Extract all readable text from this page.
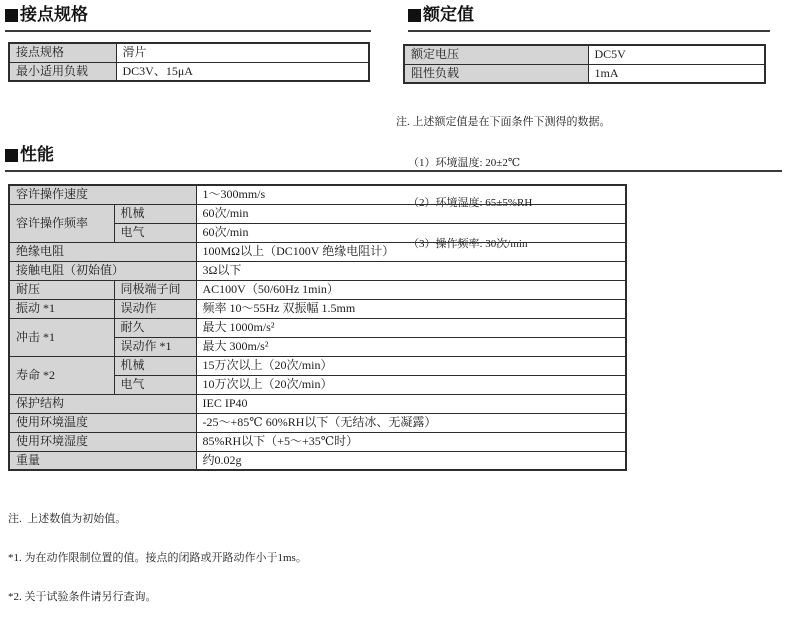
接点规格
接点规格	滑片
最小适用负载	DC3V、15μA
额定值
额定电压	DC5V
阻性负载	1mA

注. 上述额定值是在下面条件下测得的数据。

（1）环境温度: 20±2℃

（2）环境湿度: 65±5%RH

（3）操作频率: 30次/min

性能
容许操作速度		1～300mm/s
容许操作频率	机械	60次/min
	电气	60次/min
绝缘电阻		100MΩ以上（DC100V 绝缘电阻计）
接触电阻（初始值）		3Ω以下
耐压	同极端子间	AC100V（50/60Hz 1min）
振动 *1	误动作	频率 10～55Hz 双振幅 1.5mm
冲击 *1	耐久	最大 1000m/s²
	误动作 *1	最大 300m/s²
寿命 *2	机械	15万次以上（20次/min）
	电气	10万次以上（20次/min）
保护结构		IEC IP40
使用环境温度		-25～+85℃ 60%RH以下（无结冰、无凝露）
使用环境湿度		85%RH以下（+5～+35℃时）
重量		约0.02g

注.  上述数值为初始值。

*1. 为在动作限制位置的值。接点的闭路或开路动作小于1ms。

*2. 关于试验条件请另行查询。
